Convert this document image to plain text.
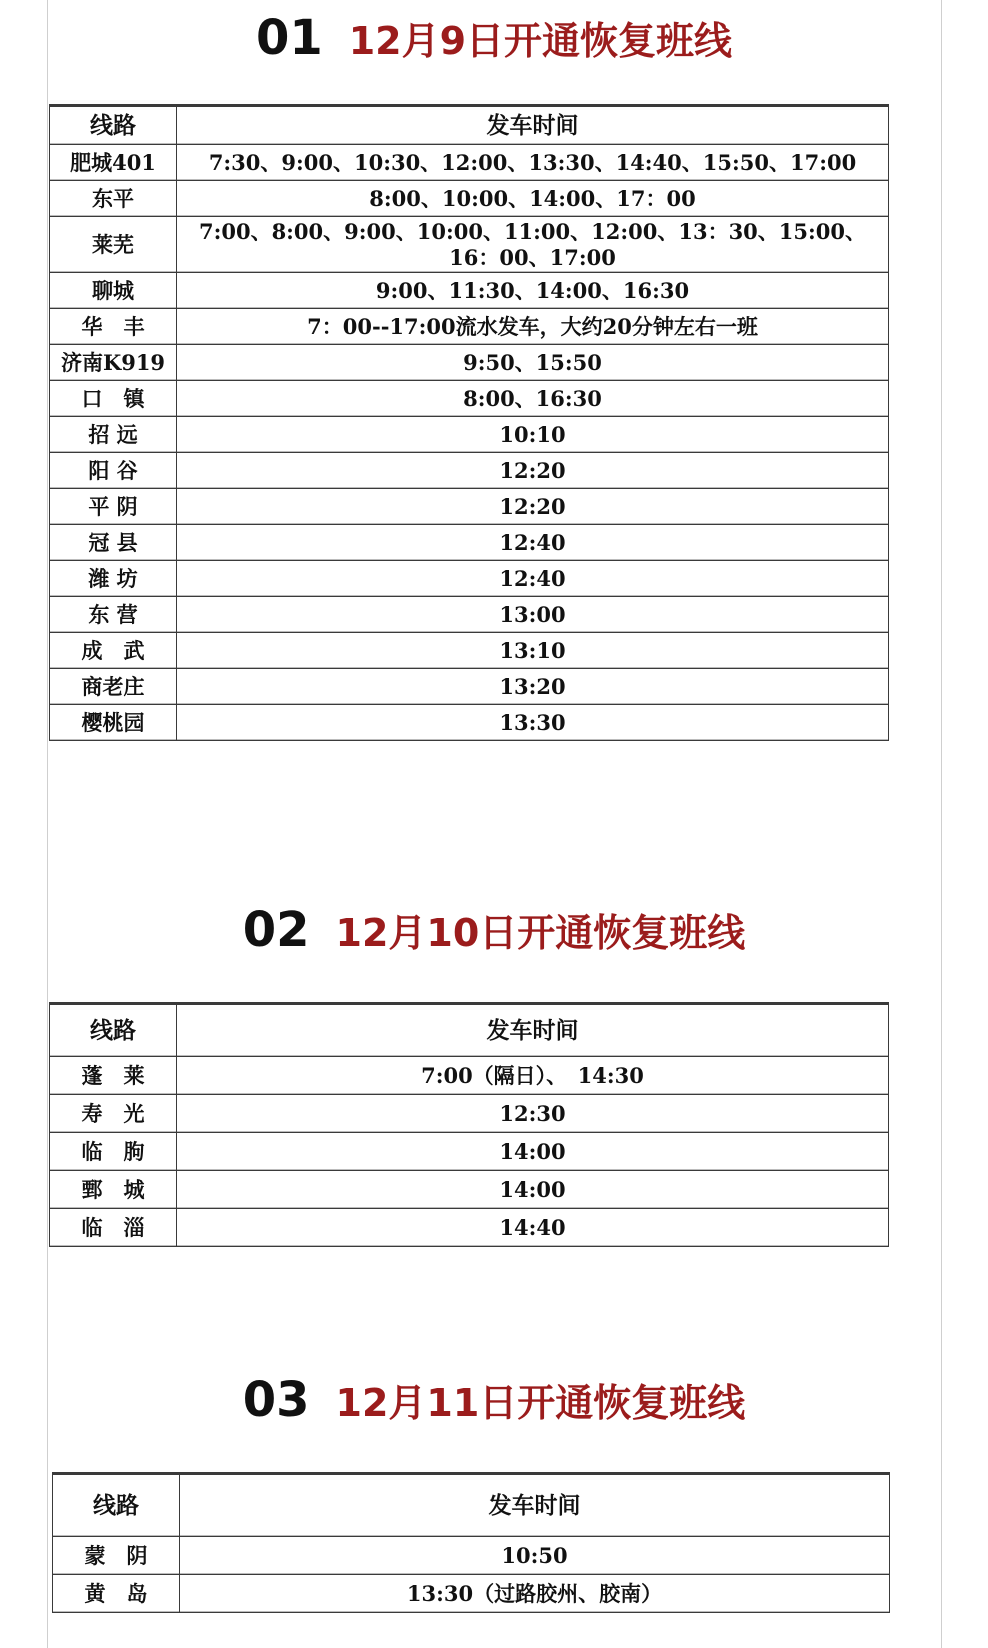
01 12月9日开通恢复班线
线路	发车时间
肥城401	7:30、9:00、10:30、12:00、13:30、14:40、15:50、17:00
东平	8:00、10:00、14:00、17：00
莱芜	7:00、8:00、9:00、10:00、11:00、12:00、13：30、15:00、
16：00、17:00

聊城	9:00、11:30、14:00、16:30
华　丰	7：00--17:00流水发车，大约20分钟左右一班
济南K919	9:50、15:50
口　镇	8:00、16:30
招 远	10:10
阳 谷	12:20
平 阴	12:20
冠 县	12:40
潍 坊	12:40
东 营	13:00
成　武	13:10
商老庄	13:20
樱桃园	13:30
02 12月10日开通恢复班线
线路	发车时间
蓬　莱	7:00（隔日）、　14:30
寿　光	12:30
临　朐	14:00
鄄　城	14:00
临　淄	14:40
03 12月11日开通恢复班线
线路	发车时间
蒙　阴	10:50
黄　岛	13:30（过路胶州、胶南）
